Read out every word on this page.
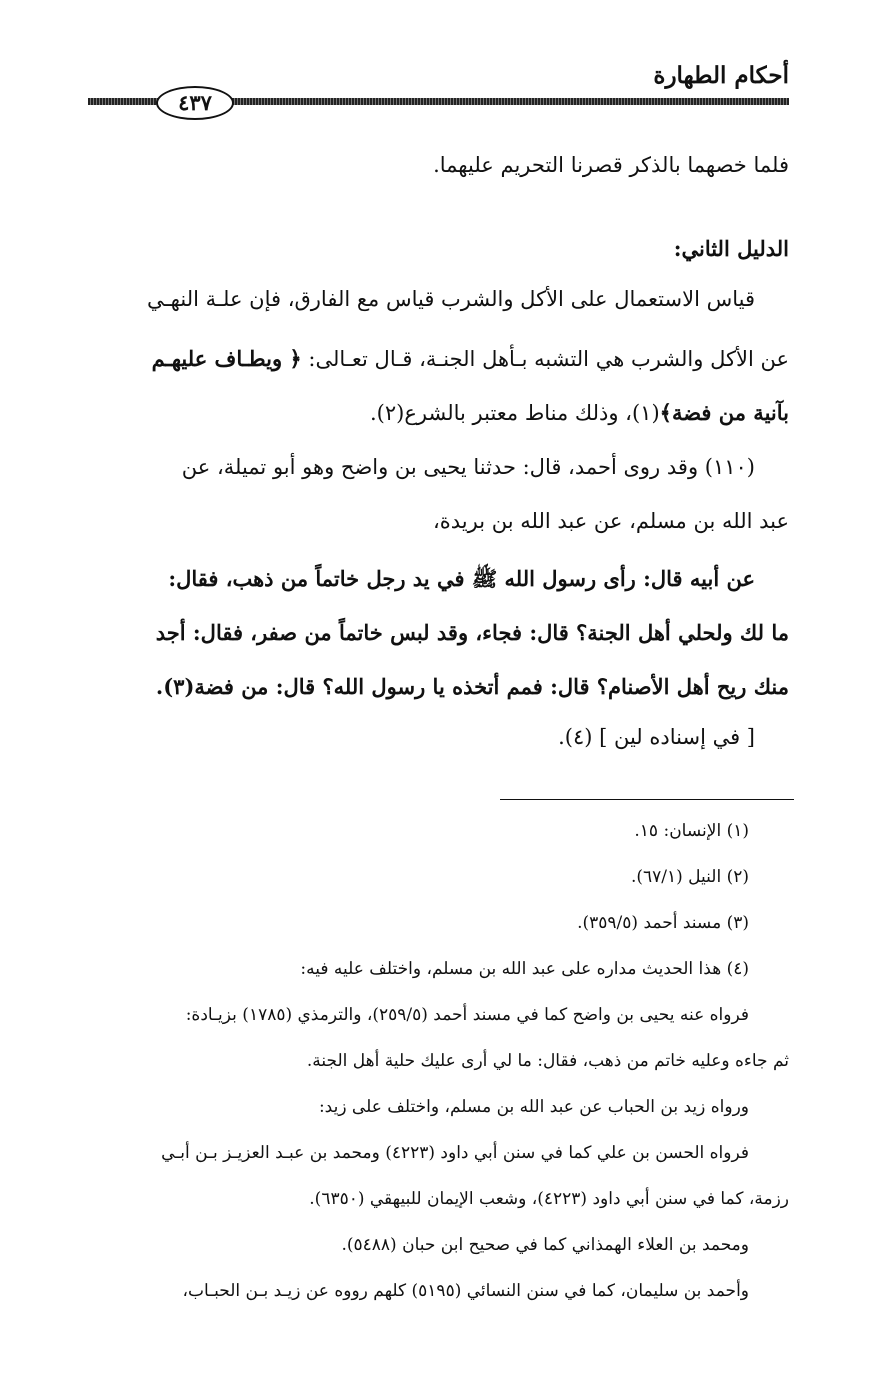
أحكام الطهارة
٤٣٧
فلما خصهما بالذكر قصرنا التحريم عليهما.
الدليل الثاني:
قياس الاستعمال على الأكل والشرب قياس مع الفارق، فإن علـة النهـي
عن الأكل والشرب هي التشبه بـأهل الجنـة، قـال تعـالى: ﴿ ويطـاف عليهـم
بآنية من فضة﴾(١)، وذلك مناط معتبر بالشرع(٢).
(١١٠) وقد روى أحمد، قال: حدثنا يحيى بن واضح وهو أبو تميلة، عن
عبد الله بن مسلم، عن عبد الله بن بريدة،
عن أبيه قال: رأى رسول الله ﷺ في يد رجل خاتماً من ذهب، فقال:
ما لك ولحلي أهل الجنة؟ قال: فجاء، وقد لبس خاتماً من صفر، فقال: أجد
منك ريح أهل الأصنام؟ قال: فمم أتخذه يا رسول الله؟ قال: من فضة(٣).
[ في إسناده لين ] (٤).
(١) الإنسان: ١٥.
(٢) النيل (٦٧/١).
(٣) مسند أحمد (٣٥٩/٥).
(٤) هذا الحديث مداره على عبد الله بن مسلم، واختلف عليه فيه:
فرواه عنه يحيى بن واضح كما في مسند أحمد (٢٥٩/٥)، والترمذي (١٧٨٥) بزيـادة:
ثم جاءه وعليه خاتم من ذهب، فقال: ما لي أرى عليك حلية أهل الجنة.
ورواه زيد بن الحباب عن عبد الله بن مسلم، واختلف على زيد:
فرواه الحسن بن علي كما في سنن أبي داود (٤٢٢٣) ومحمد بن عبـد العزيـز بـن أبـي
رزمة، كما في سنن أبي داود (٤٢٢٣)، وشعب الإيمان للبيهقي (٦٣٥٠).
ومحمد بن العلاء الهمذاني كما في صحيح ابن حبان (٥٤٨٨).
وأحمد بن سليمان، كما في سنن النسائي (٥١٩٥) كلهم رووه عن زيـد بـن الحبـاب،
